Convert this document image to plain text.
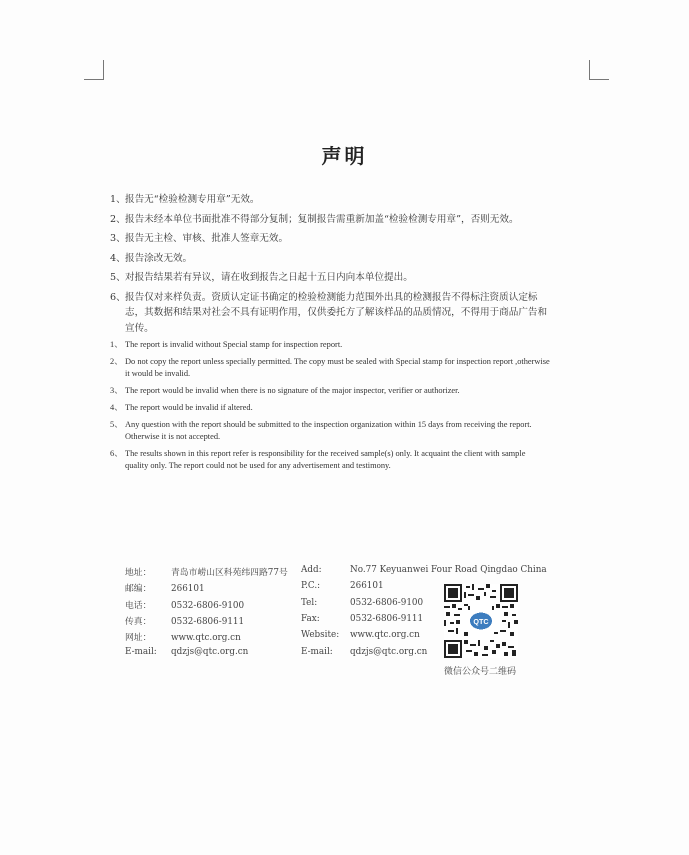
声明
1、 报告无“检验检测专用章”无效。
2、 报告未经本单位书面批准不得部分复制；复制报告需重新加盖“检验检测专用章”，否则无效。
3、 报告无主检、审核、批准人签章无效。
4、 报告涂改无效。
5、 对报告结果若有异议，请在收到报告之日起十五日内向本单位提出。
6、 报告仅对来样负责。资质认定证书确定的检验检测能力范围外出具的检测报告不得标注资质认定标志，其数据和结果对社会不具有证明作用，仅供委托方了解该样品的品质情况，不得用于商品广告和宣传。
1、 The report is invalid without Special stamp for inspection report.
2、 Do not copy the report unless specially permitted. The copy must be sealed with Special stamp for inspection report ,otherwise it would be invalid.
3、 The report would be invalid when there is no signature of the major inspector, verifier or authorizer.
4、 The report would be invalid if altered.
5、 Any question with the report should be submitted to the inspection organization within 15 days from receiving the report. Otherwise it is not accepted.
6、 The results shown in this report refer is responsibility for the received sample(s) only. It acquaint the client with sample quality only. The report could not be used for any advertisement and testimony.
地址： 青岛市崂山区科苑纬四路77号
邮编： 266101
电话： 0532-6806-9100
传真： 0532-6806-9111
网址： www.qtc.org.cn
E-mail: qdzjs@qtc.org.cn
Add:	No.77 Keyuanwei Four Road Qingdao China
P.C.:	266101
Tel:	0532-6806-9100
Fax:	0532-6806-9111
Website: www.qtc.org.cn
E-mail: qdzjs@qtc.org.cn
QTC
微信公众号二维码
